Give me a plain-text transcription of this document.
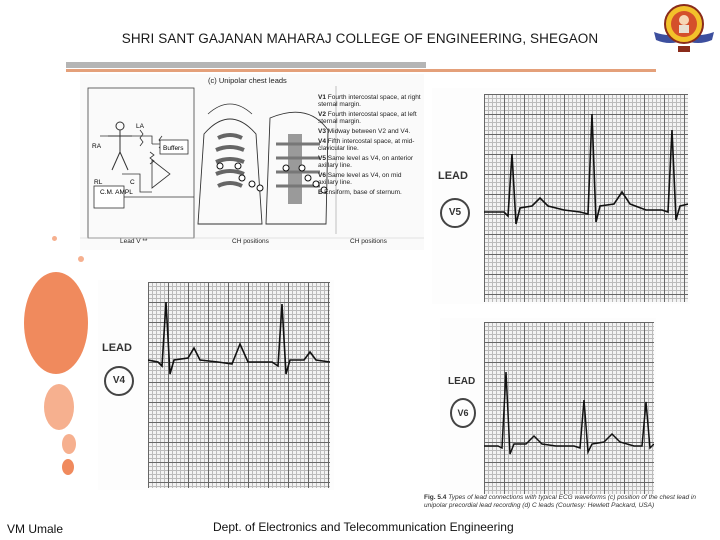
SHRI SANT GAJANAN MAHARAJ COLLEGE OF ENGINEERING, SHEGAON
Buffers
RA
LA
RL
C.M. AMPL
C
(c) Unipolar chest leads
V1 Fourth intercostal space, at right sternal margin.
V2 Fourth intercostal space, at left sternal margin.
V3 Midway between V2 and V4.
V4 Fifth intercostal space, at mid-clavicular line.
V5 Same level as V4, on anterior axillary line.
V6 Same level as V4, on mid axillary line.
E Ensiform, base of sternum.
Lead V **	CH positions	CH positions
LEAD
V5
LEAD
V4	LEAD
V6
Fig. 5.4 Types of lead connections with typical ECG waveforms (c) position of the chest lead in unipolar precordial lead recording (d) C leads (Courtesy: Hewlett Packard, USA)
VM Umale	Dept. of Electronics and Telecommunication Engineering
